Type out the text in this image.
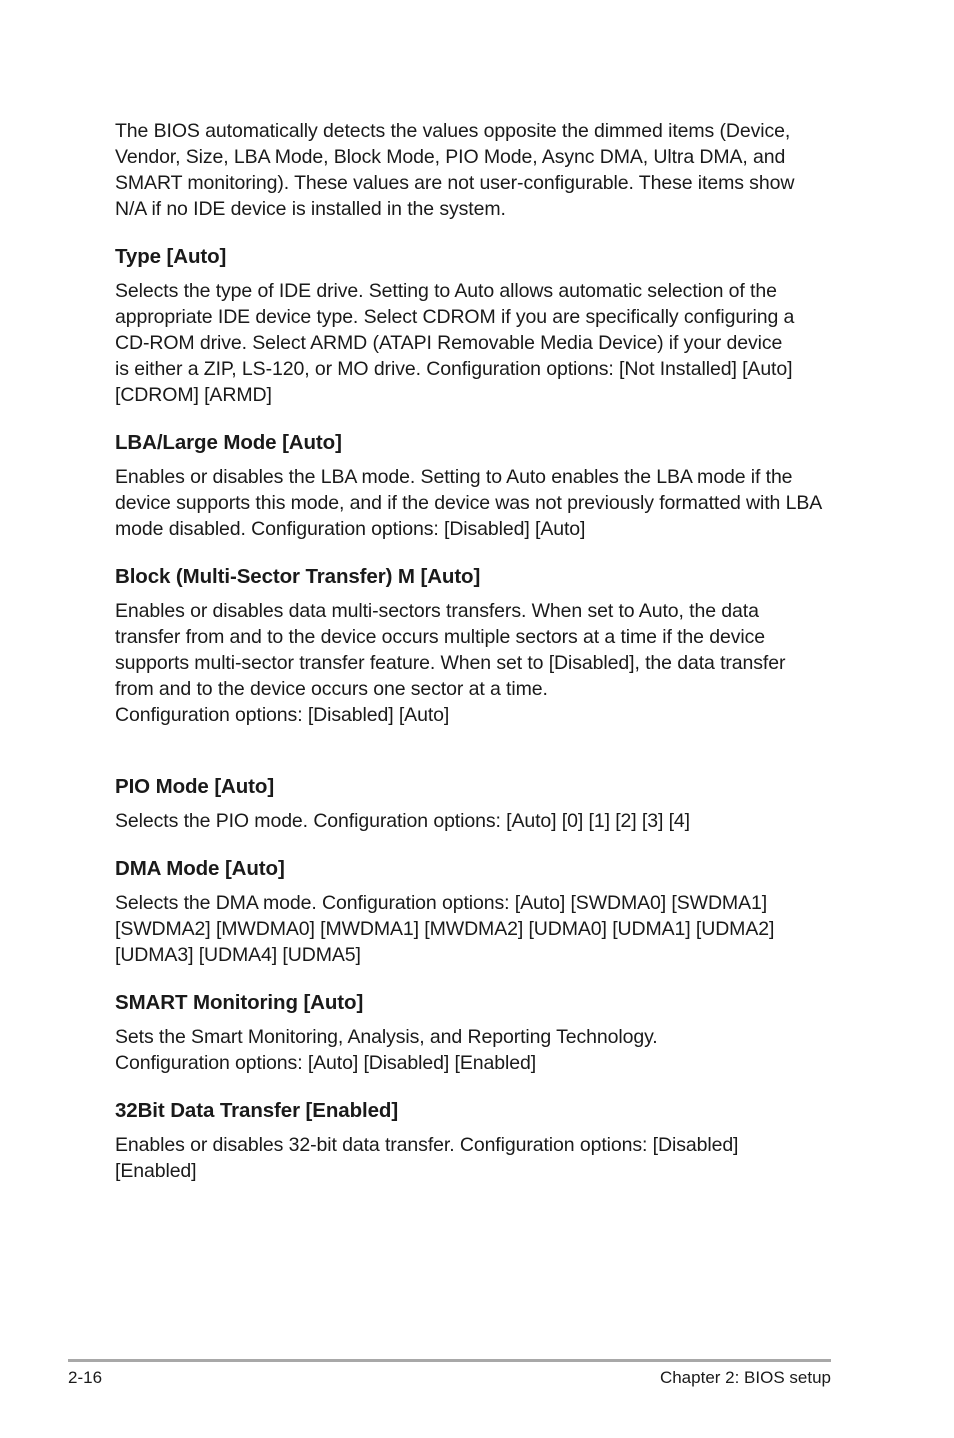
The BIOS automatically detects the values opposite the dimmed items (Device,
Vendor, Size, LBA Mode, Block Mode, PIO Mode, Async DMA, Ultra DMA, and
SMART monitoring). These values are not user-configurable. These items show
N/A if no IDE device is installed in the system.

Type [Auto]

Selects the type of IDE drive. Setting to Auto allows automatic selection of the
appropriate IDE device type. Select CDROM if you are specifically configuring a
CD-ROM drive. Select ARMD (ATAPI Removable Media Device) if your device
is either a ZIP, LS-120, or MO drive. Configuration options: [Not Installed] [Auto]
[CDROM] [ARMD]

LBA/Large Mode [Auto]

Enables or disables the LBA mode. Setting to Auto enables the LBA mode if the
device supports this mode, and if the device was not previously formatted with LBA
mode disabled. Configuration options: [Disabled] [Auto]

Block (Multi-Sector Transfer) M [Auto]

Enables or disables data multi-sectors transfers. When set to Auto, the data
transfer from and to the device occurs multiple sectors at a time if the device
supports multi-sector transfer feature. When set to [Disabled], the data transfer
from and to the device occurs one sector at a time.
Configuration options: [Disabled] [Auto]

PIO Mode [Auto]

Selects the PIO mode. Configuration options: [Auto] [0] [1] [2] [3] [4]

DMA Mode [Auto]

Selects the DMA mode. Configuration options: [Auto] [SWDMA0] [SWDMA1]
[SWDMA2] [MWDMA0] [MWDMA1] [MWDMA2] [UDMA0] [UDMA1] [UDMA2]
[UDMA3] [UDMA4] [UDMA5]

SMART Monitoring [Auto]

Sets the Smart Monitoring, Analysis, and Reporting Technology.
Configuration options: [Auto] [Disabled] [Enabled]

32Bit Data Transfer [Enabled]

Enables or disables 32-bit data transfer. Configuration options: [Disabled]
[Enabled]

2-16	Chapter 2: BIOS setup
